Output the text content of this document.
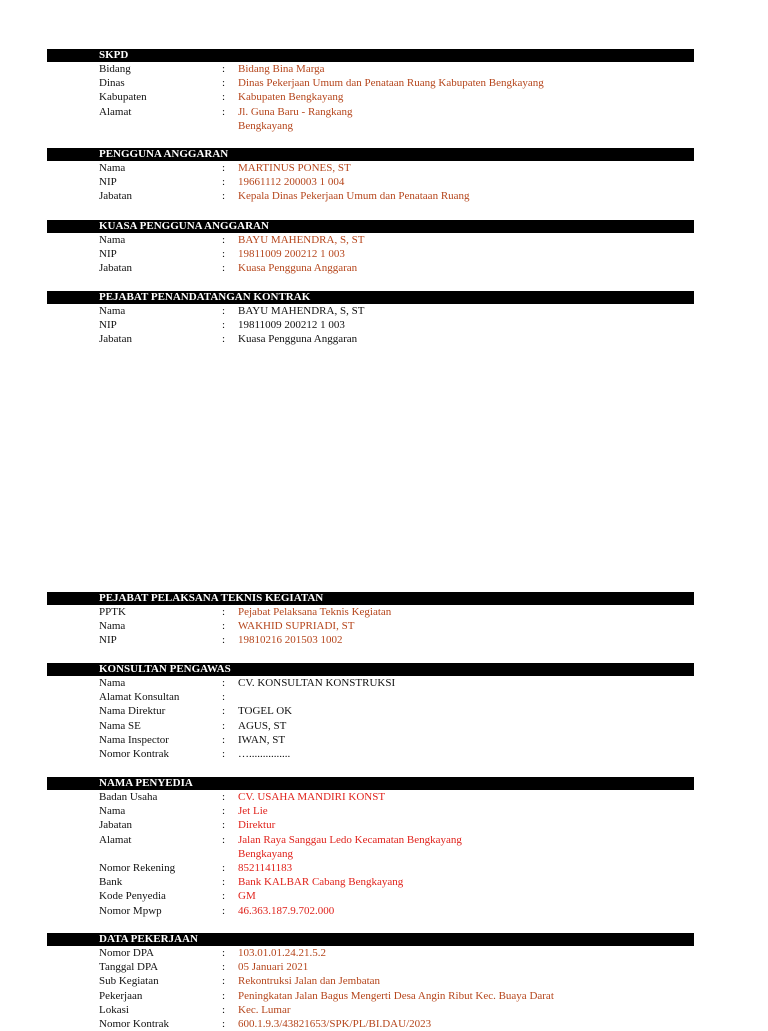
SKPD
Bidang	: Bidang Bina Marga
Dinas	: Dinas Pekerjaan Umum dan Penataan Ruang Kabupaten Bengkayang
Kabupaten	: Kabupaten Bengkayang
Alamat	: Jl. Guna Baru - Rangkang Bengkayang
PENGGUNA ANGGARAN
Nama	: MARTINUS PONES, ST
NIP	: 19661112 200003 1 004
Jabatan	: Kepala Dinas Pekerjaan Umum dan Penataan Ruang
KUASA PENGGUNA ANGGARAN
Nama	: BAYU MAHENDRA, S, ST
NIP	: 19811009 200212 1 003
Jabatan	: Kuasa Pengguna Anggaran
PEJABAT PENANDATANGAN KONTRAK
Nama	: BAYU MAHENDRA, S, ST
NIP	: 19811009 200212 1 003
Jabatan	: Kuasa Pengguna Anggaran
PEJABAT PELAKSANA TEKNIS KEGIATAN
PPTK	: Pejabat Pelaksana Teknis Kegiatan
Nama	: WAKHID SUPRIADI, ST
NIP	: 19810216 201503 1002
KONSULTAN PENGAWAS
Nama	: CV. KONSULTAN KONSTRUKSI
Alamat Konsultan	:
Nama Direktur	: TOGEL OK
Nama SE	: AGUS, ST
Nama Inspector	: IWAN, ST
Nomor Kontrak	: …...............
NAMA PENYEDIA
Badan Usaha	: CV. USAHA MANDIRI KONST
Nama	: Jet Lie
Jabatan	: Direktur
Alamat	: Jalan Raya Sanggau Ledo Kecamatan Bengkayang
Bengkayang
Nomor Rekening	: 8521141183
Bank	: Bank KALBAR Cabang Bengkayang
Kode Penyedia	: GM
Nomor Mpwp	: 46.363.187.9.702.000
DATA PEKERJAAN
Nomor DPA	: 103.01.01.24.21.5.2
Tanggal DPA	: 05 Januari 2021
Sub Kegiatan	: Rekontruksi Jalan dan Jembatan
Pekerjaan	: Peningkatan Jalan Bagus Mengerti Desa Angin Ribut Kec. Buaya Darat
Lokasi	: Kec. Lumar
Nomor Kontrak	: 600.1.9.3/43821653/SPK/PL/BI.DAU/2023
